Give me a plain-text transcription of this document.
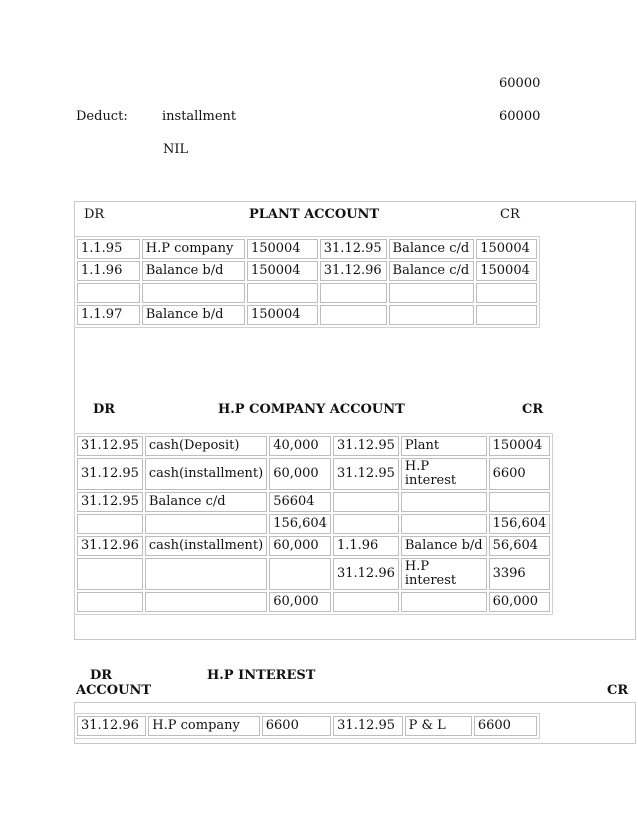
60000
Deduct:	installment	60000
NIL
DR	PLANT ACCOUNT	CR
1.1.95	H.P company	150004	31.12.95	Balance c/d	150004
1.1.96	Balance b/d	150004	31.12.96	Balance c/d	150004

1.1.97	Balance b/d	150004			
DR	H.P COMPANY ACCOUNT	CR
31.12.95	cash(Deposit)	40,000	31.12.95	Plant	150004
31.12.95	cash(installment)	60,000	31.12.95	H.P interest	6600
31.12.95	Balance c/d	56604			
		156,604			156,604
31.12.96	cash(installment)	60,000	1.1.96	Balance b/d	56,604
			31.12.96	H.P interest	3396
		60,000			60,000
DR	H.P INTEREST
ACCOUNT	CR
31.12.96	H.P company	6600	31.12.95	P & L	6600
